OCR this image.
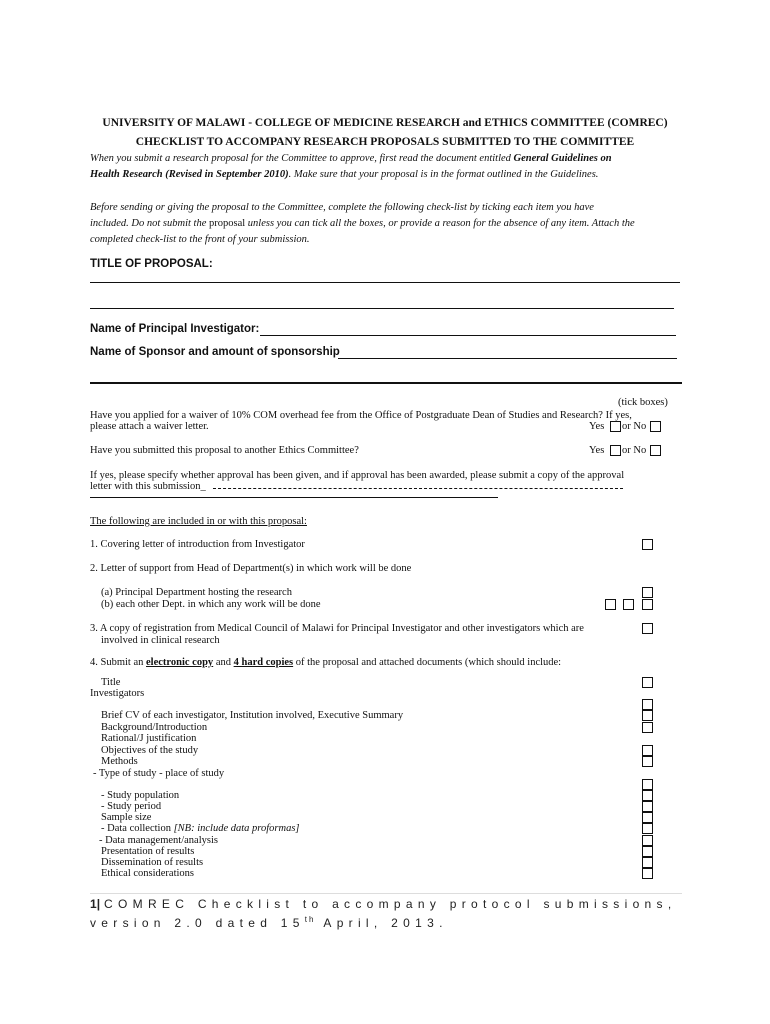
UNIVERSITY OF MALAWI - COLLEGE OF MEDICINE RESEARCH and ETHICS COMMITTEE (COMREC)
CHECKLIST TO ACCOMPANY RESEARCH PROPOSALS SUBMITTED TO THE COMMITTEE
When you submit a research proposal for the Committee to approve, first read the document entitled General Guidelines on
Health Research (Revised in September 2010). Make sure that your proposal is in the format outlined in the Guidelines.
Before sending or giving the proposal to the Committee, complete the following check-list by ticking each item you have
included. Do not submit the proposal unless you can tick all the boxes, or provide a reason for the absence of any item. Attach the
completed check-list to the front of your submission.
TITLE OF PROPOSAL:
Name of Principal Investigator:
Name of Sponsor and amount of sponsorship
(tick boxes)
Have you applied for a waiver of 10% COM overhead fee from the Office of Postgraduate Dean of Studies and Research? If yes,
please attach a waiver letter.	Yes or No
Have you submitted this proposal to another Ethics Committee?	Yes or No
If yes, please specify whether approval has been given, and if approval has been awarded, please submit a copy of the approval
letter with this submission_
The following are included in or with this proposal:
1. Covering letter of introduction from Investigator
2. Letter of support from Head of Department(s) in which work will be done
(a) Principal Department hosting the research
(b) each other Dept. in which any work will be done
3. A copy of registration from Medical Council of Malawi for Principal Investigator and other investigators which are
involved in clinical research
4. Submit an electronic copy and 4 hard copies of the proposal and attached documents (which should include:
Title
Investigators
Brief CV of each investigator, Institution involved, Executive Summary
Background/Introduction
Rational/J justification
Objectives of the study
Methods
- Type of study - place of study
- Study population
- Study period
Sample size
- Data collection [NB: include data proformas]
- Data management/analysis
Presentation of results
Dissemination of results
Ethical considerations
1| COMREC Checklist to accompany protocol submissions,
version 2.0 dated 15th April, 2013.
